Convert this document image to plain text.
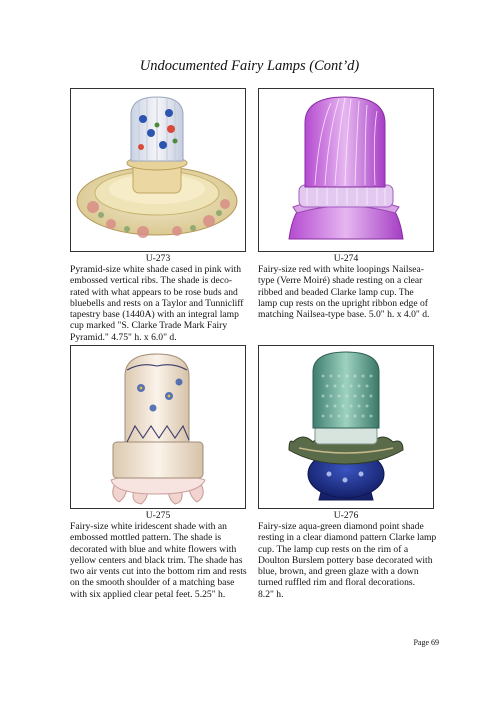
Undocumented Fairy Lamps (Cont’d)
U-273
Pyramid-size white shade cased in pink with
embossed vertical ribs. The shade is deco-
rated with what appears to be rose buds and
bluebells and rests on a Taylor and Tunnicliff
tapestry base (1440A) with an integral lamp
cup marked "S. Clarke Trade Mark Fairy
Pyramid." 4.75" h. x 6.0" d.
U-274
Fairy-size red with white loopings Nailsea-
type (Verre Moiré) shade resting on a clear
ribbed and beaded Clarke lamp cup. The
lamp cup rests on the upright ribbon edge of
matching Nailsea-type base. 5.0" h. x 4.0" d.
U-275
Fairy-size white iridescent shade with an
embossed mottled pattern. The shade is
decorated with blue and white flowers with
yellow centers and black trim. The shade has
two air vents cut into the bottom rim and rests
on the smooth shoulder of a matching base
with six applied clear petal feet. 5.25" h.
U-276
Fairy-size aqua-green diamond point shade
resting in a clear diamond pattern Clarke lamp
cup. The lamp cup rests on the rim of a
Doulton Burslem pottery base decorated with
blue, brown, and green glaze with a down
turned ruffled rim and floral decorations.
8.2" h.
Page 69
